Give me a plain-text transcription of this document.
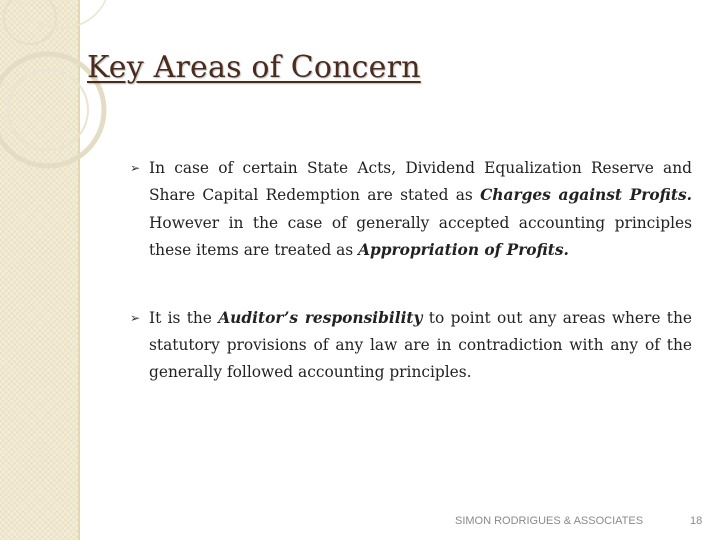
Key Areas of Concern
➢ In case of certain State Acts, Dividend Equalization Reserve and Share Capital Redemption are stated as Charges against Profits. However in the case of generally accepted accounting principles these items are treated as Appropriation of Profits.
➢ It is the Auditor’s responsibility to point out any areas where the statutory provisions of any law are in contradiction with any of the generally followed accounting principles.
SIMON RODRIGUES & ASSOCIATES	18
